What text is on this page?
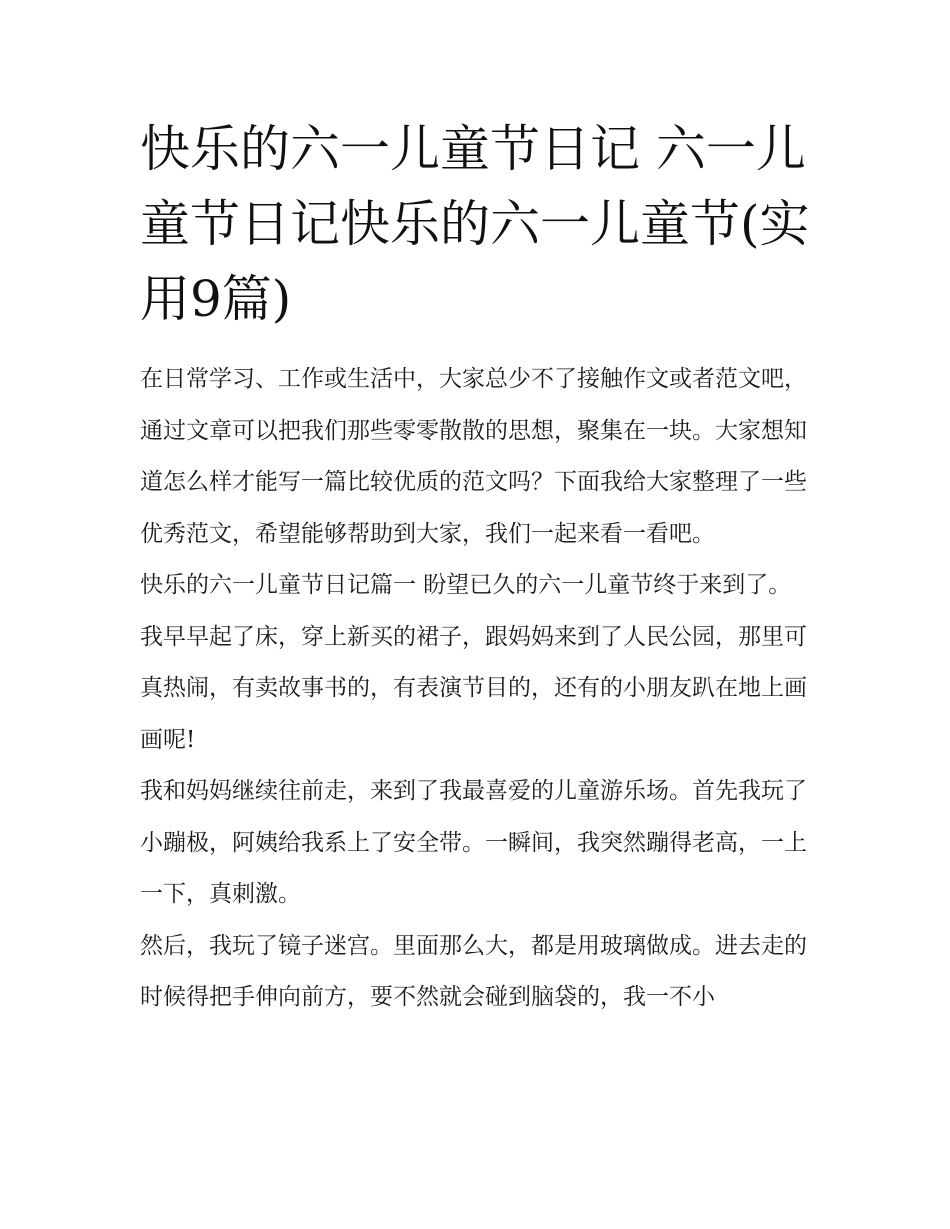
快乐的六一儿童节日记 六一儿童节日记快乐的六一儿童节(实用9篇)

在日常学习、工作或生活中，大家总少不了接触作文或者范文吧，通过文章可以把我们那些零零散散的思想，聚集在一块。大家想知道怎么样才能写一篇比较优质的范文吗？下面我给大家整理了一些优秀范文，希望能够帮助到大家，我们一起来看一看吧。

快乐的六一儿童节日记篇一 盼望已久的六一儿童节终于来到了。

我早早起了床，穿上新买的裙子，跟妈妈来到了人民公园，那里可真热闹，有卖故事书的，有表演节目的，还有的小朋友趴在地上画画呢!

我和妈妈继续往前走，来到了我最喜爱的儿童游乐场。首先我玩了小蹦极，阿姨给我系上了安全带。一瞬间，我突然蹦得老高，一上一下，真刺激。

然后，我玩了镜子迷宫。里面那么大，都是用玻璃做成。进去走的时候得把手伸向前方，要不然就会碰到脑袋的，我一不小
